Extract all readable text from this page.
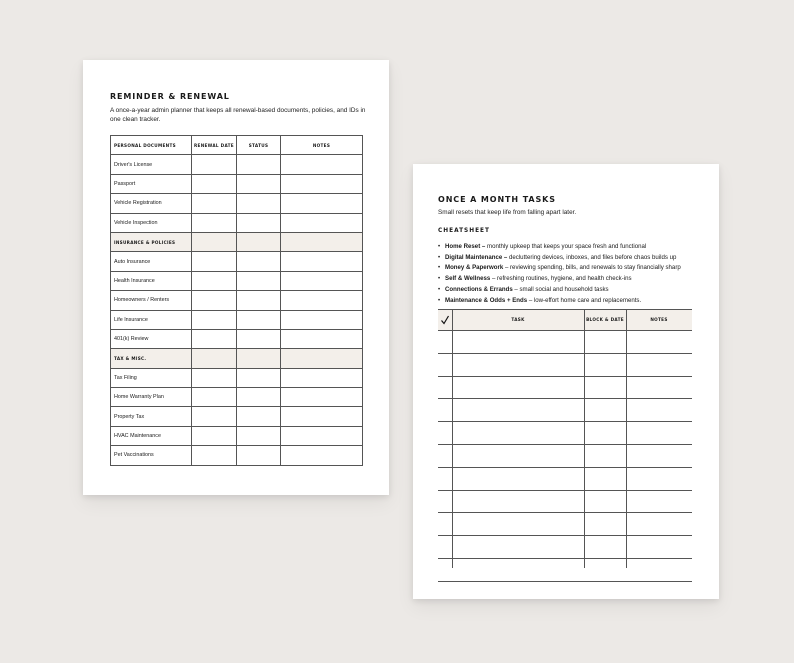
REMINDER & RENEWAL
A once-a-year admin planner that keeps all renewal-based documents, policies, and IDs in
one clean tracker.
PERSONAL DOCUMENTS	RENEWAL DATE	STATUS	NOTES
Driver's License			
Passport			
Vehicle Registration			
Vehicle Inspection			
INSURANCE & POLICIES			
Auto Insurance			
Health Insurance			
Homeowners / Renters			
Life Insurance			
401(k) Review			
TAX & MISC.			
Tax Filing			
Home Warranty Plan			
Property Tax			
HVAC Maintenance			
Pet Vaccinations			
ONCE A MONTH TASKS
Small resets that keep life from falling apart later.
CHEATSHEET
• Home Reset – monthly upkeep that keeps your space fresh and functional
• Digital Maintenance – decluttering devices, inboxes, and files before chaos builds up
• Money & Paperwork – reviewing spending, bills, and renewals to stay financially sharp
• Self & Wellness – refreshing routines, hygiene, and health check-ins
• Connections & Errands – small social and household tasks
• Maintenance & Odds + Ends – low-effort home care and replacements.
TASK	BLOCK & DATE	NOTES
